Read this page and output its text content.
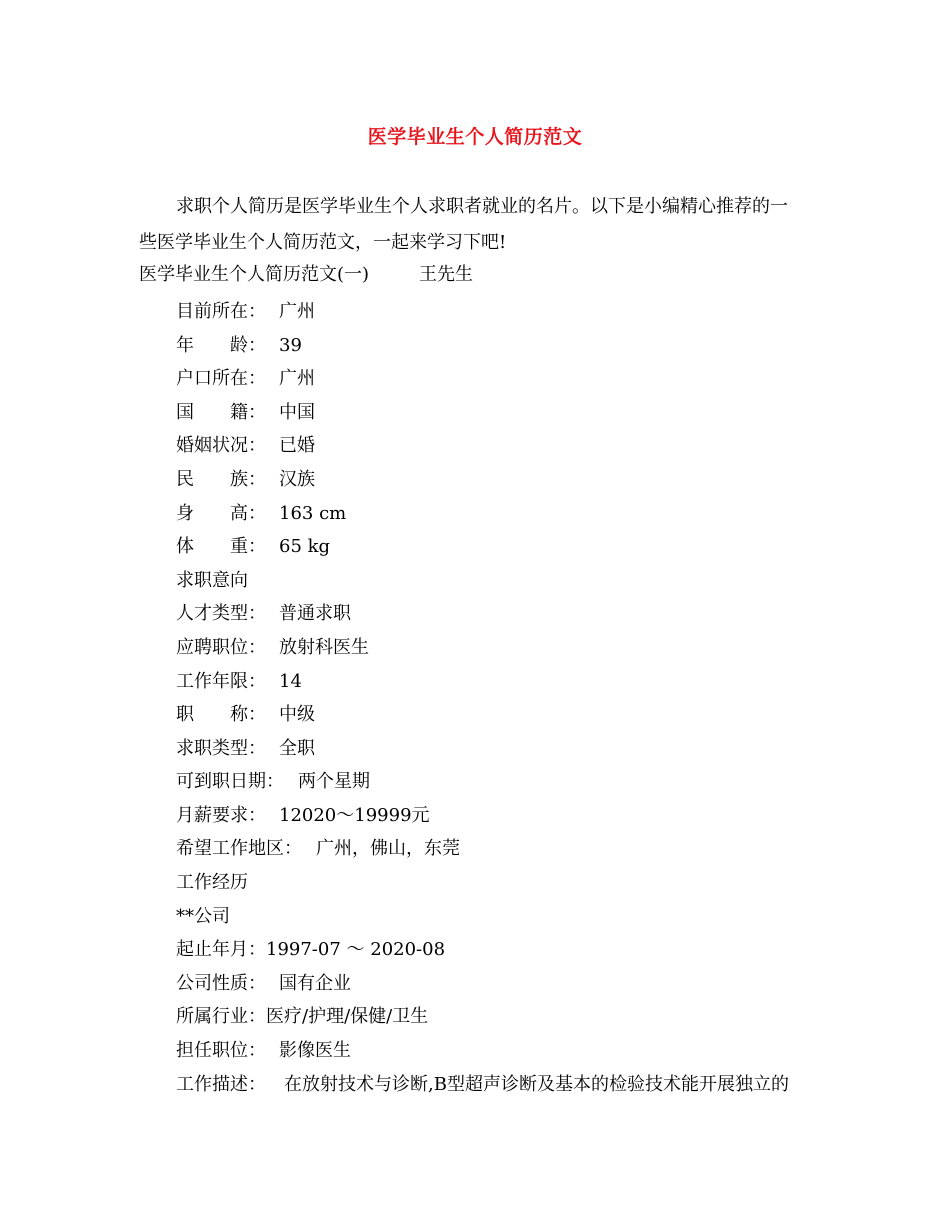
医学毕业生个人简历范文
求职个人简历是医学毕业生个人求职者就业的名片。以下是小编精心推荐的一
些医学毕业生个人简历范文，一起来学习下吧!
医学毕业生个人简历范文(一)	王先生
目前所在： 广州
年　　龄： 39
户口所在： 广州
国　　籍： 中国
婚姻状况： 已婚
民　　族： 汉族
身　　高： 163 cm
体　　重： 65 kg
求职意向
人才类型： 普通求职
应聘职位： 放射科医生
工作年限： 14
职　　称： 中级
求职类型： 全职
可到职日期： 两个星期
月薪要求： 12020～19999元
希望工作地区： 广州，佛山，东莞
工作经历
**公司
起止年月：1997-07 ～ 2020-08
公司性质： 国有企业
所属行业：医疗/护理/保健/卫生
担任职位： 影像医生
工作描述： 在放射技术与诊断,B型超声诊断及基本的检验技术能开展独立的
